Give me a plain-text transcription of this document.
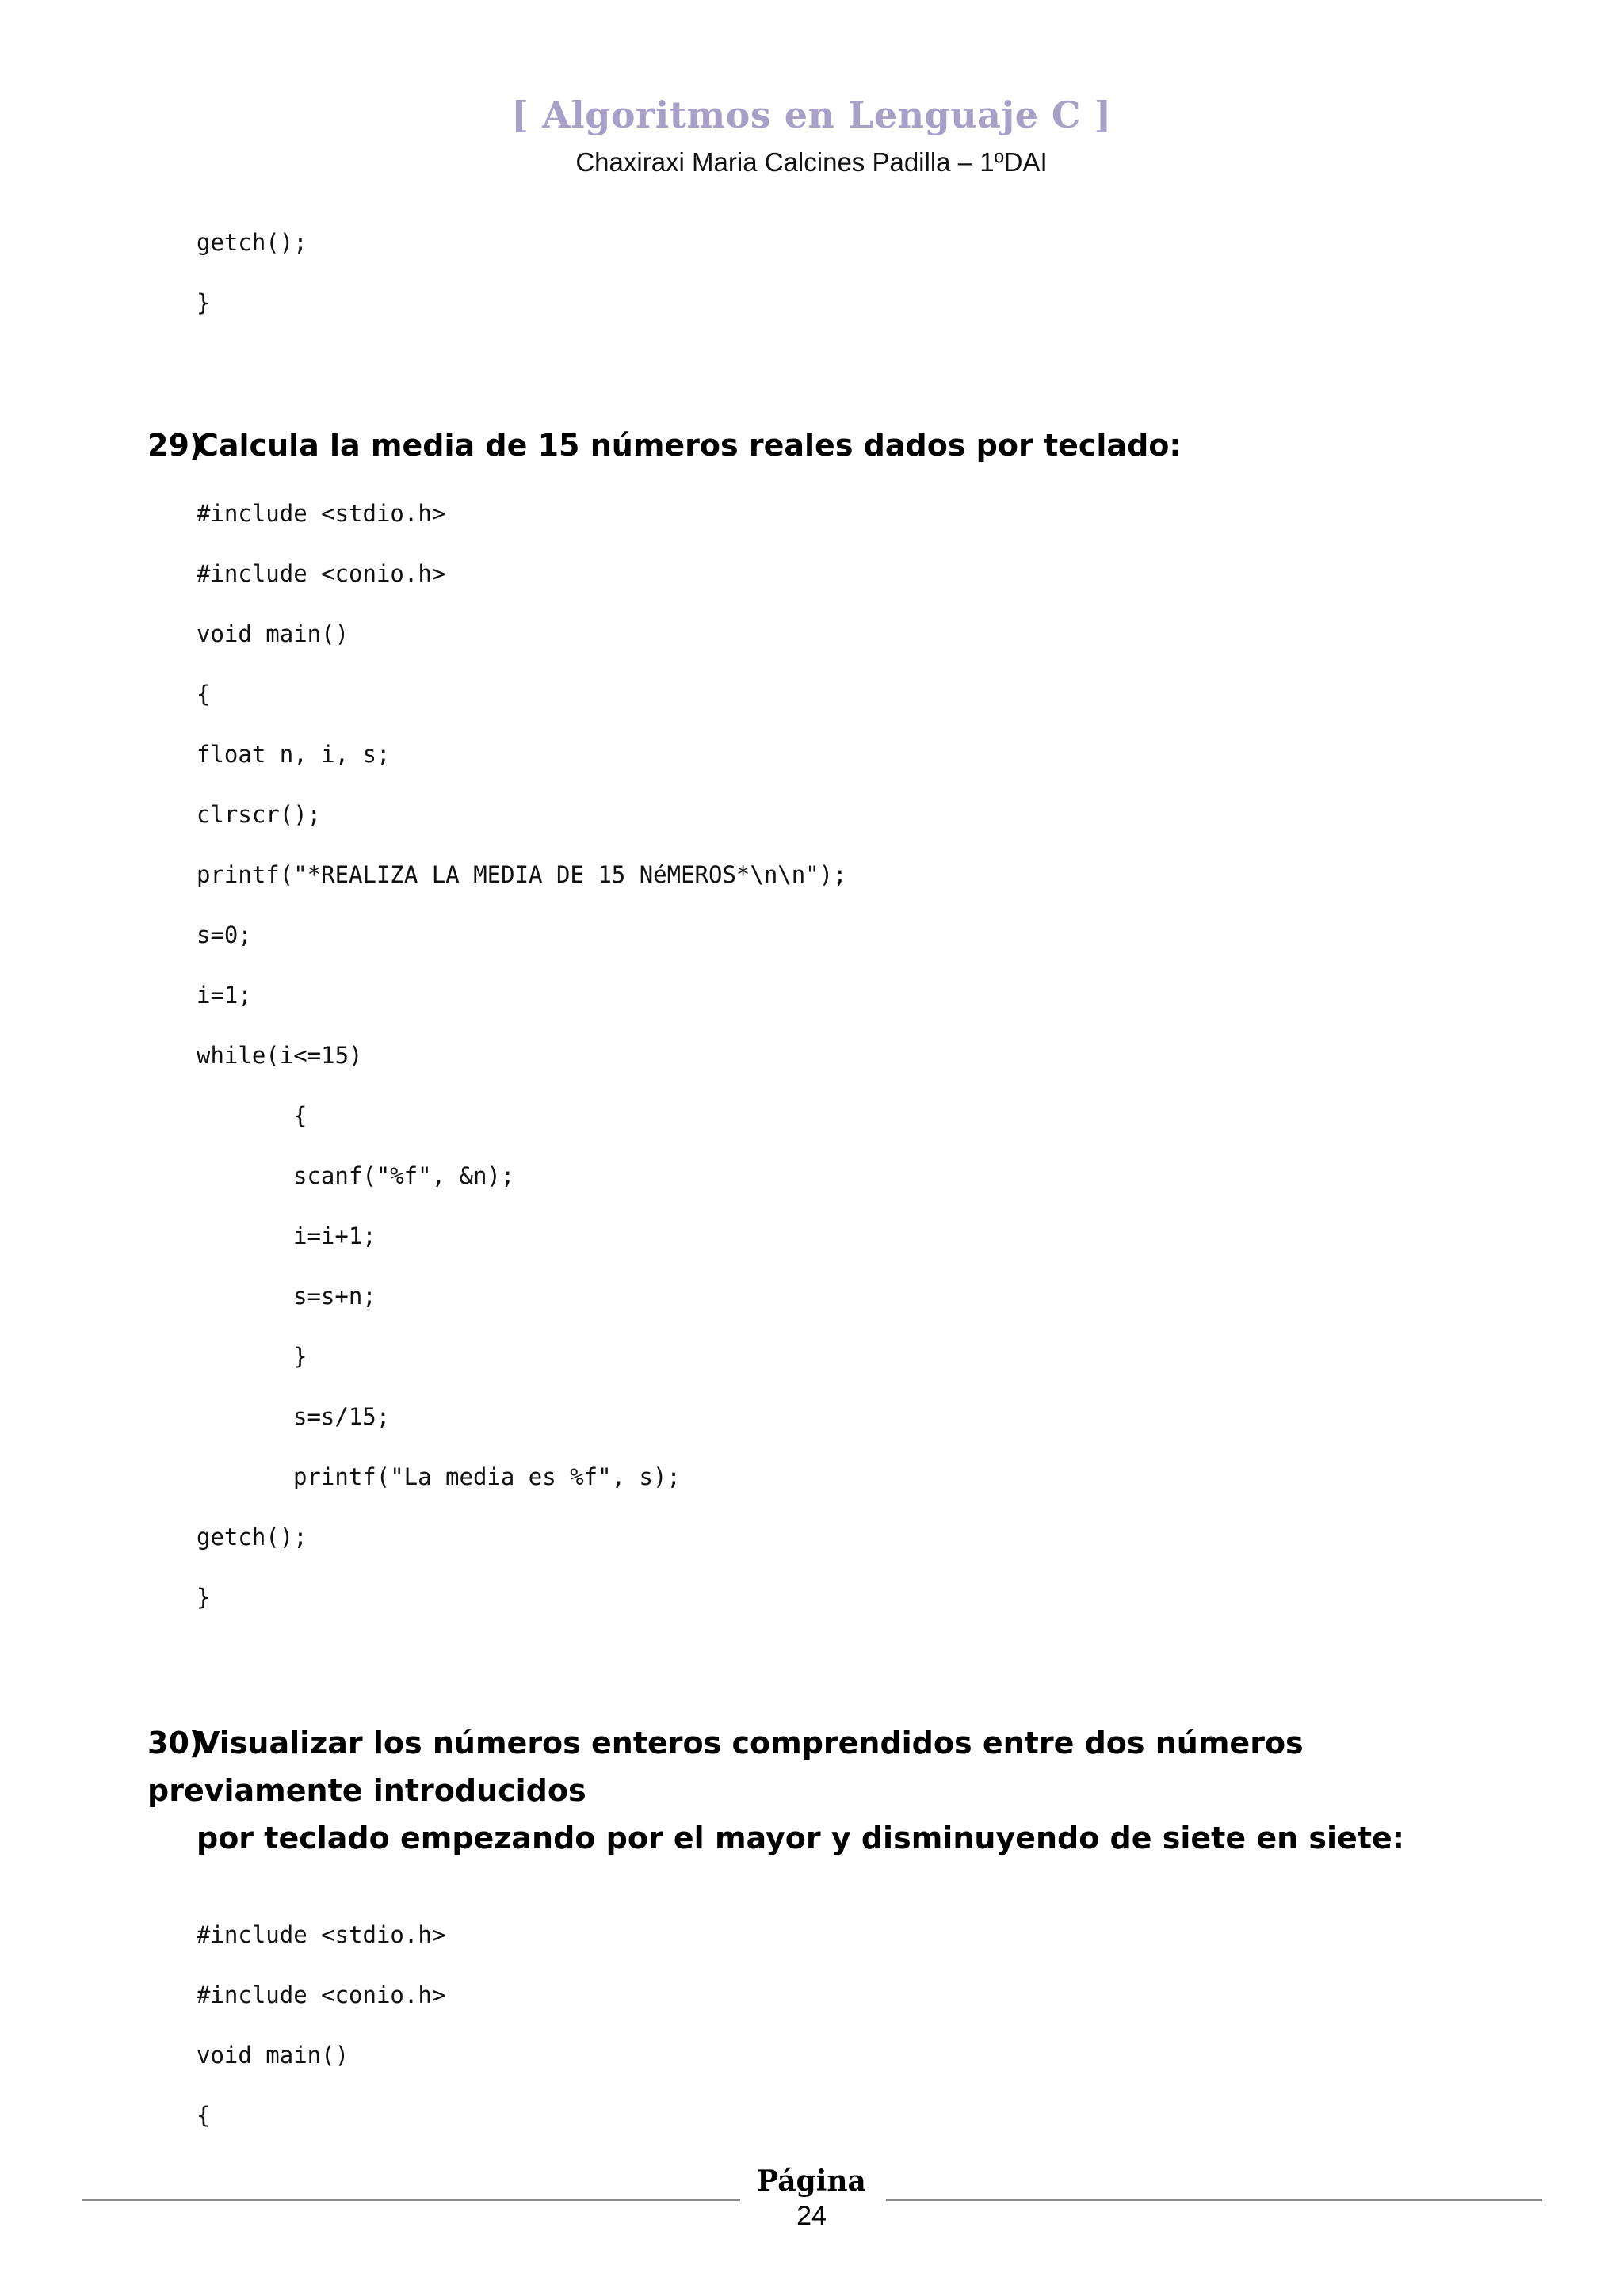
[ Algoritmos en Lenguaje C ]
Chaxiraxi Maria Calcines Padilla – 1ºDAI
getch();
}
29)Calcula la media de 15 números reales dados por teclado:
#include <stdio.h>
#include <conio.h>
void main()
{
float n, i, s;
clrscr();
printf("*REALIZA LA MEDIA DE 15 NéMEROS*\n\n");
s=0;
i=1;
while(i<=15)
{
scanf("%f", &n);
i=i+1;
s=s+n;
}
s=s/15;
printf("La media es %f", s);
getch();
}
30)Visualizar los números enteros comprendidos entre dos números previamente introducidos
por teclado empezando por el mayor y disminuyendo de siete en siete:
#include <stdio.h>
#include <conio.h>
void main()
{
Página
24
